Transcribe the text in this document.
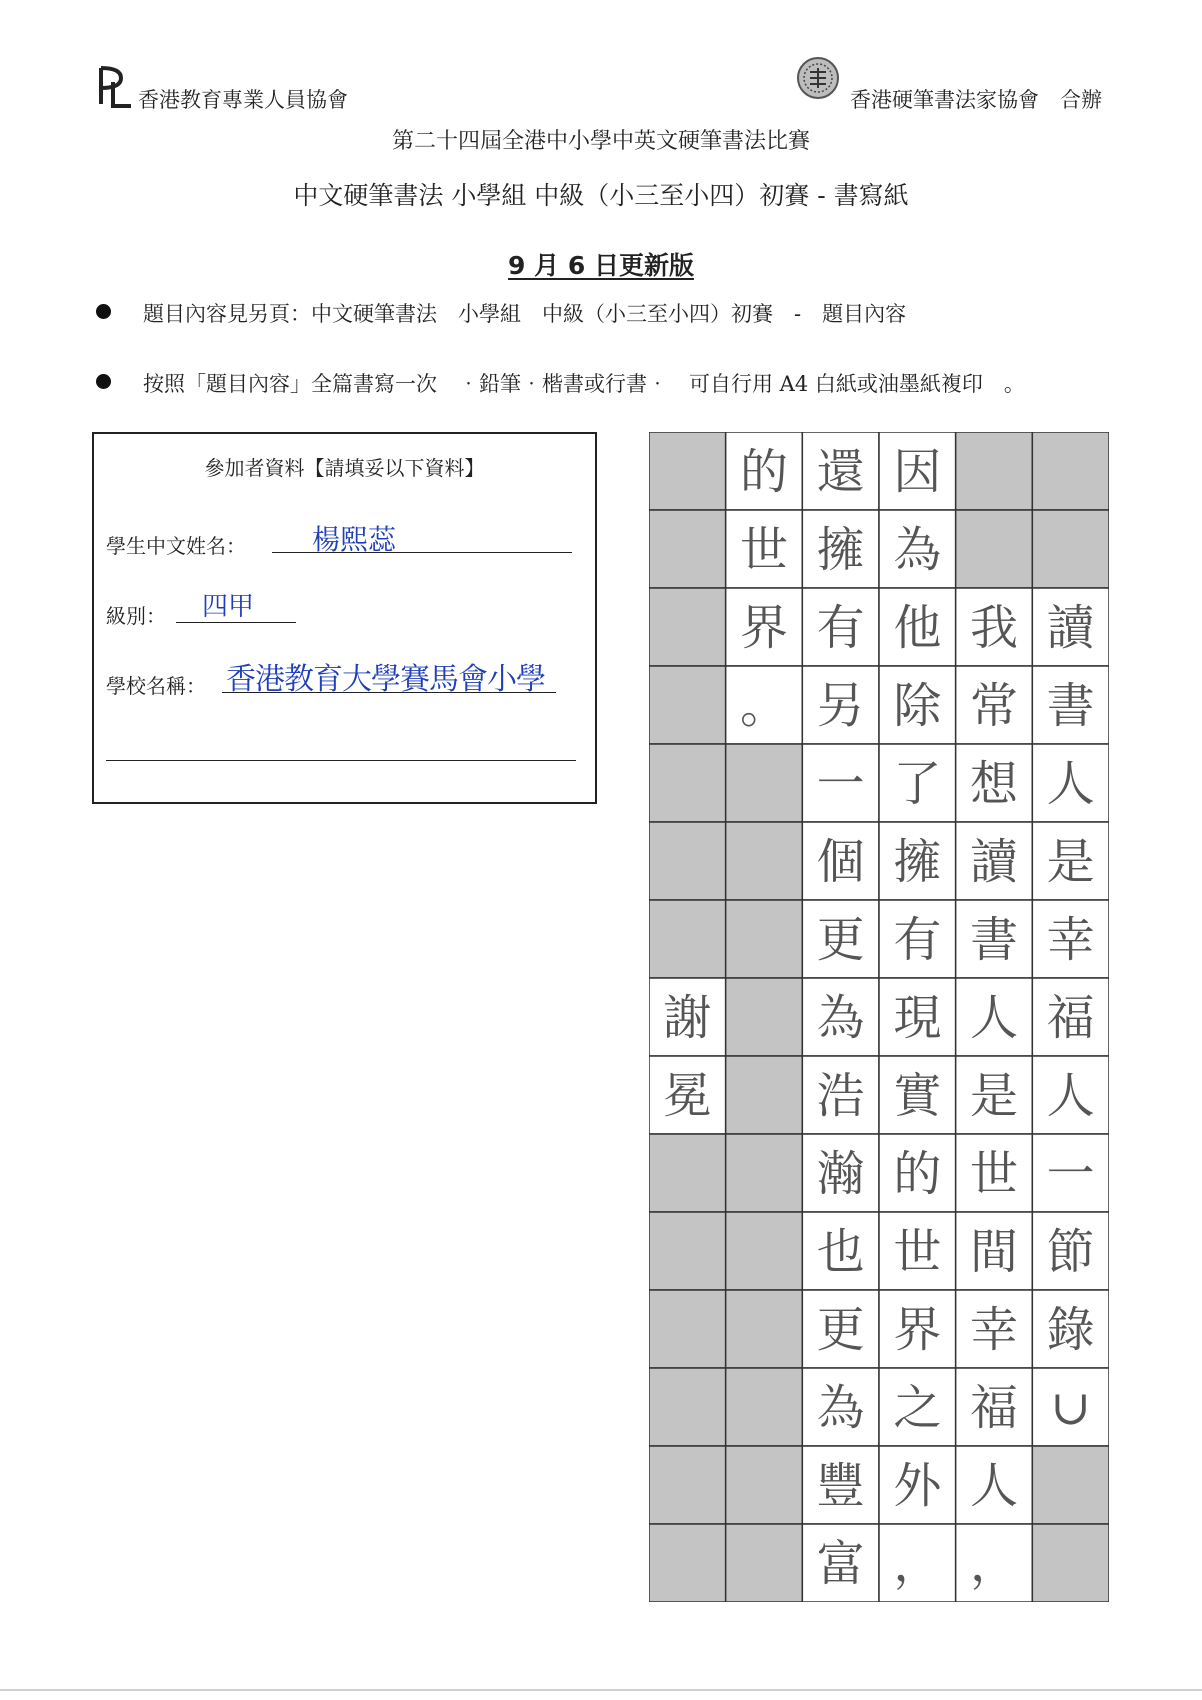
香港教育專業人員協會	香港硬筆書法家協會　合辦
第二十四屆全港中小學中英文硬筆書法比賽
中文硬筆書法 小學組 中級（小三至小四）初賽 - 書寫紙
9 月 6 日更新版
題目內容見另頁：中文硬筆書法　小學組　中級（小三至小四）初賽　-　題目內容
按照「題目內容」全篇書寫一次　‧鉛筆‧楷書或行書‧　可自行用 A4 白紙或油墨紙複印　。
參加者資料【請填妥以下資料】
學生中文姓名： 楊熙蕊
級別： 四甲
學校名稱： 香港教育大學賽馬會小學
讀
書
人
是
幸
福
人
一
節
錄
∪
我
常
想
讀
書
人
是
世
間
幸
福
人
，
因
為
他
除
了
擁
有
現
實
的
世
界
之
外
，
還
擁
有
另
一
個
更
為
浩
瀚
也
更
為
豐
富
的
世
界
。
謝
冕
